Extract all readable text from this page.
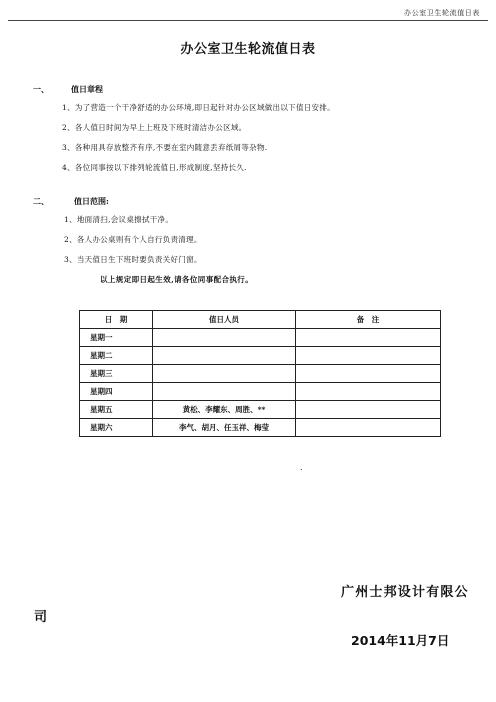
办公室卫生轮流值日表
办公室卫生轮流值日表
一、	值日章程
1、为了营造一个干净舒适的办公环境,即日起针对办公区域做出以下值日安排。
2、各人值日时间为早上上班及下班时清洁办公区域。
3、各种用具存放整齐有序,不要在室内随意丢弃纸屑等杂物.
4、各位同事按以下排列轮流值日,形成制度,坚持长久.
二、	值日范围:
1、地面清扫,会议桌擦拭干净。
2、各人办公桌则有个人自行负责清理。
3、当天值日生下班时要负责关好门窗。
以上规定即日起生效,请各位同事配合执行。
日　期	值日人员	备　注
星期一		
星期二		
星期三		
星期四		
星期五	黄松、李耀东、周胜、*​*	
星期六	李气、胡月、任玉祥、梅莹	
.
广州士邦设计有限公
司
2014年11月7日
